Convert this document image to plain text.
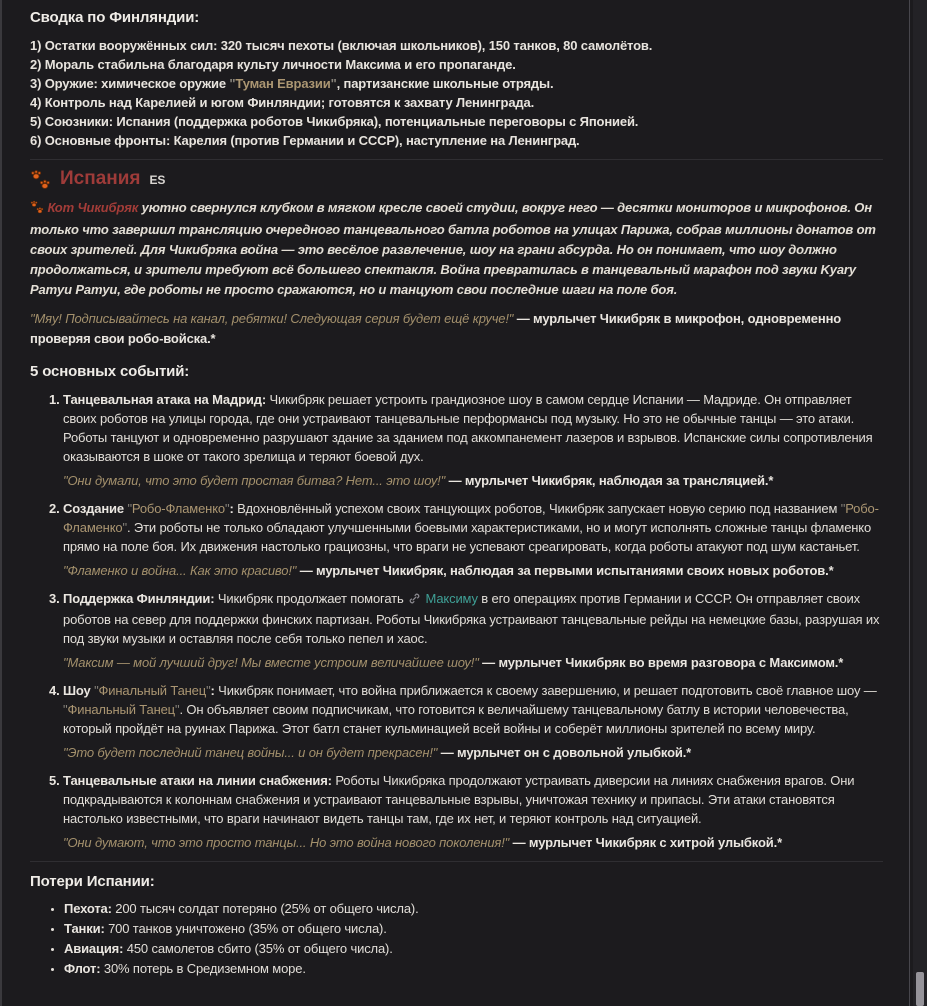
Сводка по Финляндии:
1) Остатки вооружённых сил: 320 тысяч пехоты (включая школьников), 150 танков, 80 самолётов.
2) Мораль стабильна благодаря культу личности Максима и его пропаганде.
3) Оружие: химическое оружие "Туман Евразии", партизанские школьные отряды.
4) Контроль над Карелией и югом Финляндии; готовятся к захвату Ленинграда.
5) Союзники: Испания (поддержка роботов Чикибряка), потенциальные переговоры с Японией.
6) Основные фронты: Карелия (против Германии и СССР), наступление на Ленинград.
Испания ES

Кот Чикибряк уютно свернулся клубком в мягком кресле своей студии, вокруг него — десятки мониторов и микрофонов. Он только что завершил трансляцию очередного танцевального батла роботов на улицах Парижа, собрав миллионы донатов от своих зрителей. Для Чикибряка война — это весёлое развлечение, шоу на грани абсурда. Но он понимает, что шоу должно продолжаться, и зрители требуют всё большего спектакля. Война превратилась в танцевальный марафон под звуки Kyary Pamyu Pamyu, где роботы не просто сражаются, но и танцуют свои последние шаги на поле боя.

"Мяу! Подписывайтесь на канал, ребятки! Следующая серия будет ещё круче!" — мурлычет Чикибряк в микрофон, одновременно проверяя свои робо-войска.*

5 основных событий:
1. Танцевальная атака на Мадрид: Чикибряк решает устроить грандиозное шоу в самом сердце Испании — Мадриде. Он отправляет своих роботов на улицы города, где они устраивают танцевальные перформансы под музыку. Но это не обычные танцы — это атаки. Роботы танцуют и одновременно разрушают здание за зданием под аккомпанемент лазеров и взрывов. Испанские силы сопротивления оказываются в шоке от такого зрелища и теряют боевой дух.
"Они думали, что это будет простая битва? Нет... это шоу!" — мурлычет Чикибряк, наблюдая за трансляцией.*
2. Создание "Робо-Фламенко": Вдохновлённый успехом своих танцующих роботов, Чикибряк запускает новую серию под названием "Робо-Фламенко". Эти роботы не только обладают улучшенными боевыми характеристиками, но и могут исполнять сложные танцы фламенко прямо на поле боя. Их движения настолько грациозны, что враги не успевают среагировать, когда роботы атакуют под шум кастаньет.
"Фламенко и война... Как это красиво!" — мурлычет Чикибряк, наблюдая за первыми испытаниями своих новых роботов.*
3. Поддержка Финляндии: Чикибряк продолжает помогать  Максиму в его операциях против Германии и СССР. Он отправляет своих роботов на север для поддержки финских партизан. Роботы Чикибряка устраивают танцевальные рейды на немецкие базы, разрушая их под звуки музыки и оставляя после себя только пепел и хаос.
"Максим — мой лучший друг! Мы вместе устроим величайшее шоу!" — мурлычет Чикибряк во время разговора с Максимом.*
4. Шоу "Финальный Танец": Чикибряк понимает, что война приближается к своему завершению, и решает подготовить своё главное шоу — "Финальный Танец". Он объявляет своим подписчикам, что готовится к величайшему танцевальному батлу в истории человечества, который пройдёт на руинах Парижа. Этот батл станет кульминацией всей войны и соберёт миллионы зрителей по всему миру.
"Это будет последний танец войны... и он будет прекрасен!" — мурлычет он с довольной улыбкой.*
5. Танцевальные атаки на линии снабжения: Роботы Чикибряка продолжают устраивать диверсии на линиях снабжения врагов. Они подкрадываются к колоннам снабжения и устраивают танцевальные взрывы, уничтожая технику и припасы. Эти атаки становятся настолько известными, что враги начинают видеть танцы там, где их нет, и теряют контроль над ситуацией.
"Они думают, что это просто танцы... Но это война нового поколения!" — мурлычет Чикибряк с хитрой улыбкой.*
Потери Испании:
• Пехота: 200 тысяч солдат потеряно (25% от общего числа).
• Танки: 700 танков уничтожено (35% от общего числа).
• Авиация: 450 самолетов сбито (35% от общего числа).
• Флот: 30% потерь в Средиземном море.
